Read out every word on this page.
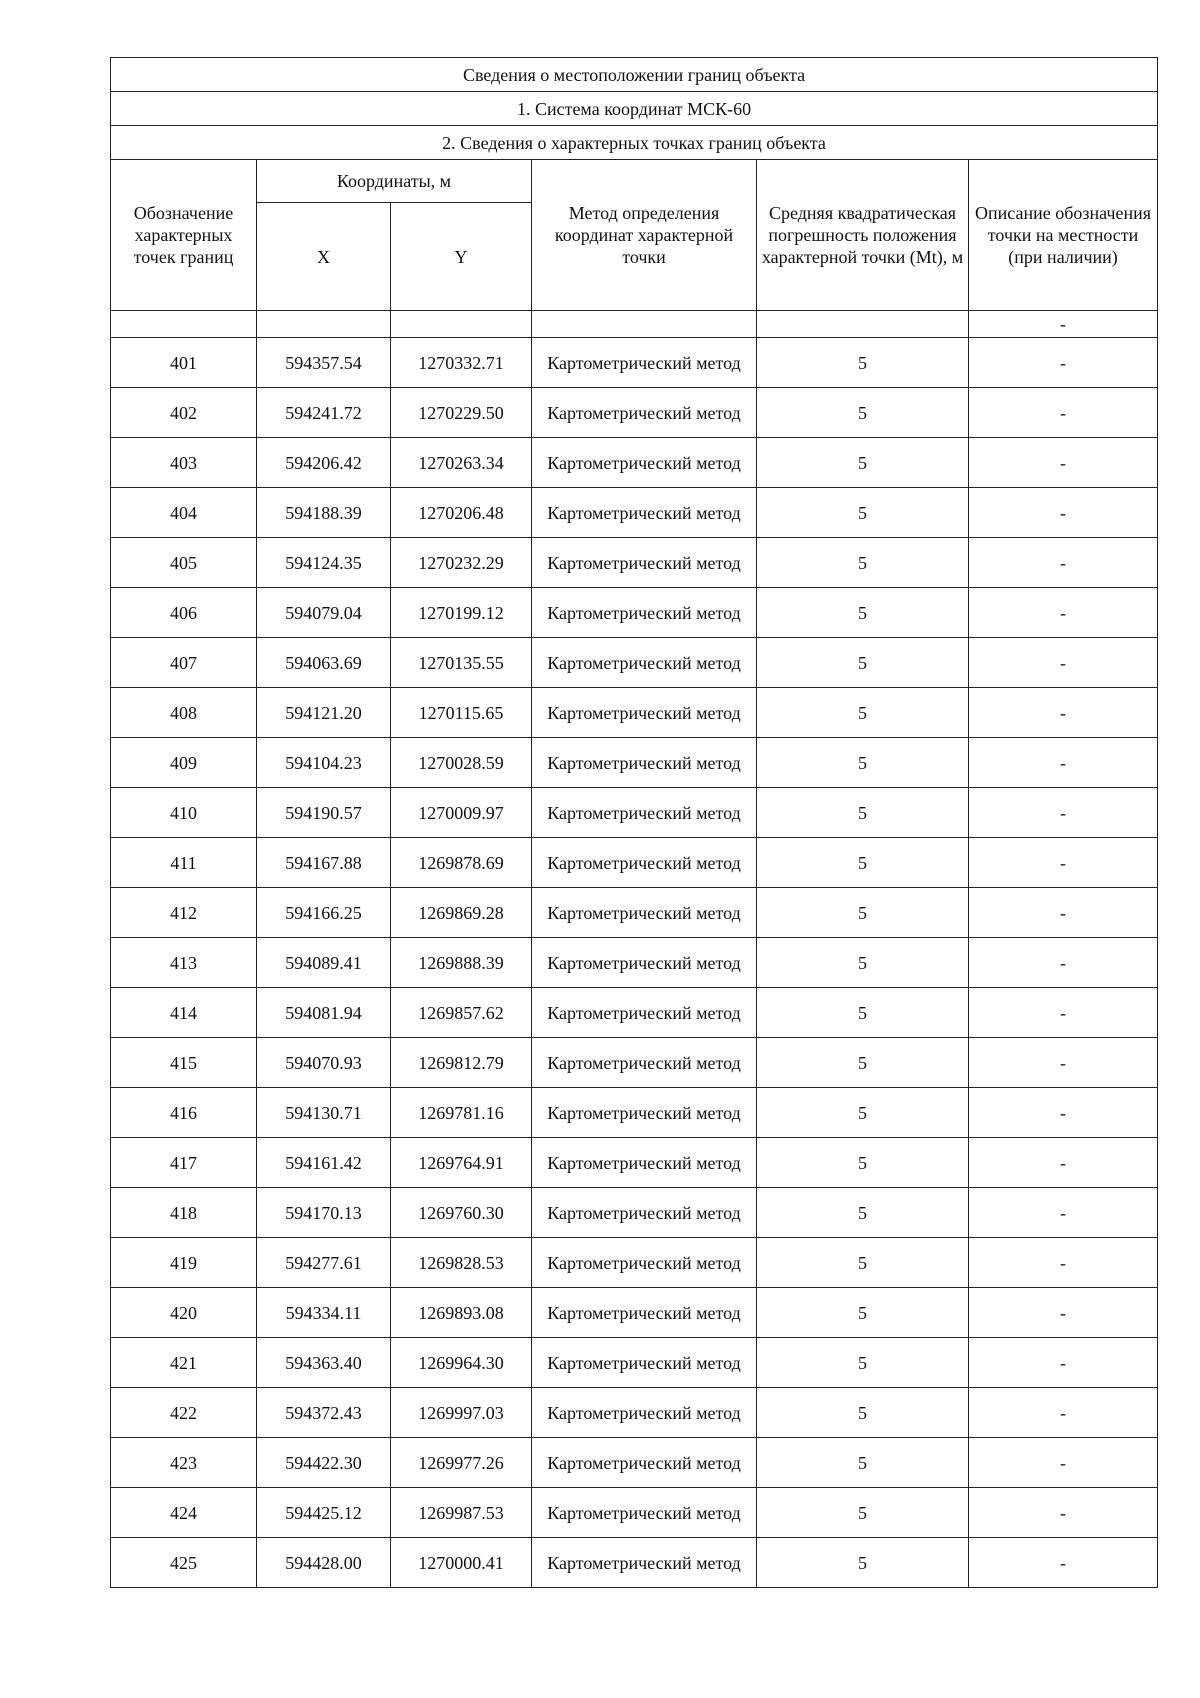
Сведения о местоположении границ объекта					
1. Система координат МСК-60					
2. Сведения о характерных точках границ объекта					
Обозначение характерных точек границ	Координаты, м		Метод определения координат характерной точки	Средняя квадратическая погрешность положения характерной точки (Mt), м	Описание обозначения точки на местности (при наличии)
	X	Y			
					-
401	594357.54	1270332.71	Картометрический метод	5	-
402	594241.72	1270229.50	Картометрический метод	5	-
403	594206.42	1270263.34	Картометрический метод	5	-
404	594188.39	1270206.48	Картометрический метод	5	-
405	594124.35	1270232.29	Картометрический метод	5	-
406	594079.04	1270199.12	Картометрический метод	5	-
407	594063.69	1270135.55	Картометрический метод	5	-
408	594121.20	1270115.65	Картометрический метод	5	-
409	594104.23	1270028.59	Картометрический метод	5	-
410	594190.57	1270009.97	Картометрический метод	5	-
411	594167.88	1269878.69	Картометрический метод	5	-
412	594166.25	1269869.28	Картометрический метод	5	-
413	594089.41	1269888.39	Картометрический метод	5	-
414	594081.94	1269857.62	Картометрический метод	5	-
415	594070.93	1269812.79	Картометрический метод	5	-
416	594130.71	1269781.16	Картометрический метод	5	-
417	594161.42	1269764.91	Картометрический метод	5	-
418	594170.13	1269760.30	Картометрический метод	5	-
419	594277.61	1269828.53	Картометрический метод	5	-
420	594334.11	1269893.08	Картометрический метод	5	-
421	594363.40	1269964.30	Картометрический метод	5	-
422	594372.43	1269997.03	Картометрический метод	5	-
423	594422.30	1269977.26	Картометрический метод	5	-
424	594425.12	1269987.53	Картометрический метод	5	-
425	594428.00	1270000.41	Картометрический метод	5	-
